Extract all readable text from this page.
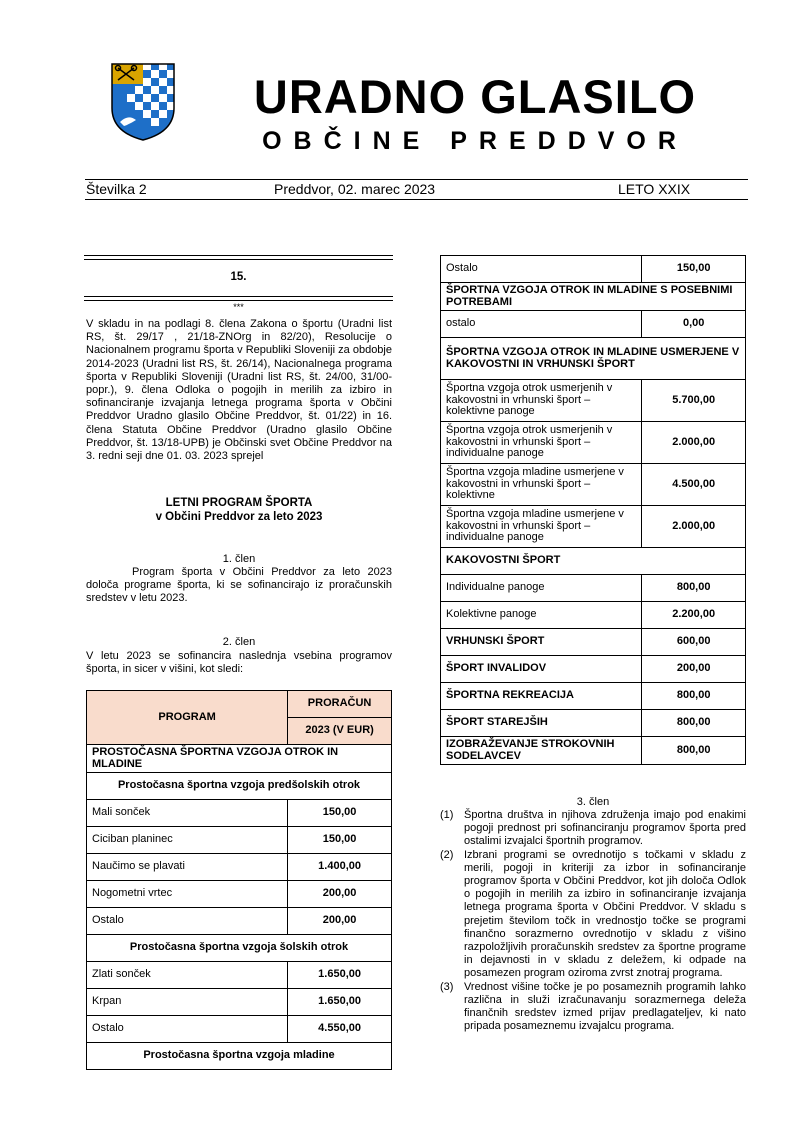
URADNO GLASILO
OBČINE PREDDVOR
Številka 2	Preddvor, 02. marec 2023	LETO XXIX
15.
***
V skladu in na podlagi 8. člena Zakona o športu (Uradni list RS, št. 29/17 , 21/18-ZNOrg in 82/20), Resolucije o Nacionalnem programu športa v Republiki Sloveniji za obdobje 2014-2023 (Uradni list RS, št. 26/14), Nacionalnega programa športa v Republiki Sloveniji (Uradni list RS, št. 24/00, 31/00-popr.), 9. člena Odloka o pogojih in merilih za izbiro in sofinanciranje izvajanja letnega programa športa v Občini Preddvor Uradno glasilo Občine Preddvor, št. 01/22) in 16. člena Statuta Občine Preddvor (Uradno glasilo Občine Preddvor, št. 13/18-UPB) je Občinski svet Občine Preddvor na 3. redni seji dne 01. 03. 2023 sprejel
LETNI PROGRAM ŠPORTA
v Občini Preddvor za leto 2023
1. člen
Program športa v Občini Preddvor za leto 2023 določa programe športa, ki se sofinancirajo iz proračunskih sredstev v letu 2023.
2. člen
V letu 2023 se sofinancira naslednja vsebina programov športa, in sicer v višini, kot sledi:
PROGRAM	PRORAČUN
	2023 (V EUR)
PROSTOČASNA ŠPORTNA VZGOJA OTROK IN MLADINE	
Prostočasna športna vzgoja predšolskih otrok	
Mali sonček	150,00
Ciciban planinec	150,00
Naučimo se plavati	1.400,00
Nogometni vrtec	200,00
Ostalo	200,00
Prostočasna športna vzgoja šolskih otrok	
Zlati sonček	1.650,00
Krpan	1.650,00
Ostalo	4.550,00
Prostočasna športna vzgoja mladine	
Ostalo	150,00
ŠPORTNA VZGOJA OTROK IN MLADINE S POSEBNIMI POTREBAMI	
ostalo	0,00
ŠPORTNA VZGOJA OTROK IN MLADINE USMERJENE V KAKOVOSTNI IN VRHUNSKI ŠPORT	
Športna vzgoja otrok usmerjenih v kakovostni in vrhunski šport – kolektivne panoge	5.700,00
Športna vzgoja otrok usmerjenih v kakovostni in vrhunski šport – individualne panoge	2.000,00
Športna vzgoja mladine usmerjene v kakovostni in vrhunski šport – kolektivne	4.500,00
Športna vzgoja mladine usmerjene v kakovostni in vrhunski šport – individualne panoge	2.000,00
KAKOVOSTNI ŠPORT	
Individualne panoge	800,00
Kolektivne panoge	2.200,00
VRHUNSKI ŠPORT	600,00
ŠPORT INVALIDOV	200,00
ŠPORTNA REKREACIJA	800,00
ŠPORT STAREJŠIH	800,00
IZOBRAŽEVANJE STROKOVNIH SODELAVCEV	800,00
3. člen
(1) Športna društva in njihova združenja imajo pod enakimi pogoji prednost pri sofinanciranju programov športa pred ostalimi izvajalci športnih programov.
(2) Izbrani programi se ovrednotijo s točkami v skladu z merili, pogoji in kriteriji za izbor in sofinanciranje programov športa v Občini Preddvor, kot jih določa Odlok o pogojih in merilih za izbiro in sofinanciranje izvajanja letnega programa športa v Občini Preddvor. V skladu s prejetim številom točk in vrednostjo točke se programi finančno sorazmerno ovrednotijo v skladu z višino razpoložljivih proračunskih sredstev za športne programe in dejavnosti in v skladu z deležem, ki odpade na posamezen program oziroma zvrst znotraj programa.
(3) Vrednost višine točke je po posameznih programih lahko različna in služi izračunavanju sorazmernega deleža finančnih sredstev izmed prijav predlagateljev, ki nato pripada posameznemu izvajalcu programa.
